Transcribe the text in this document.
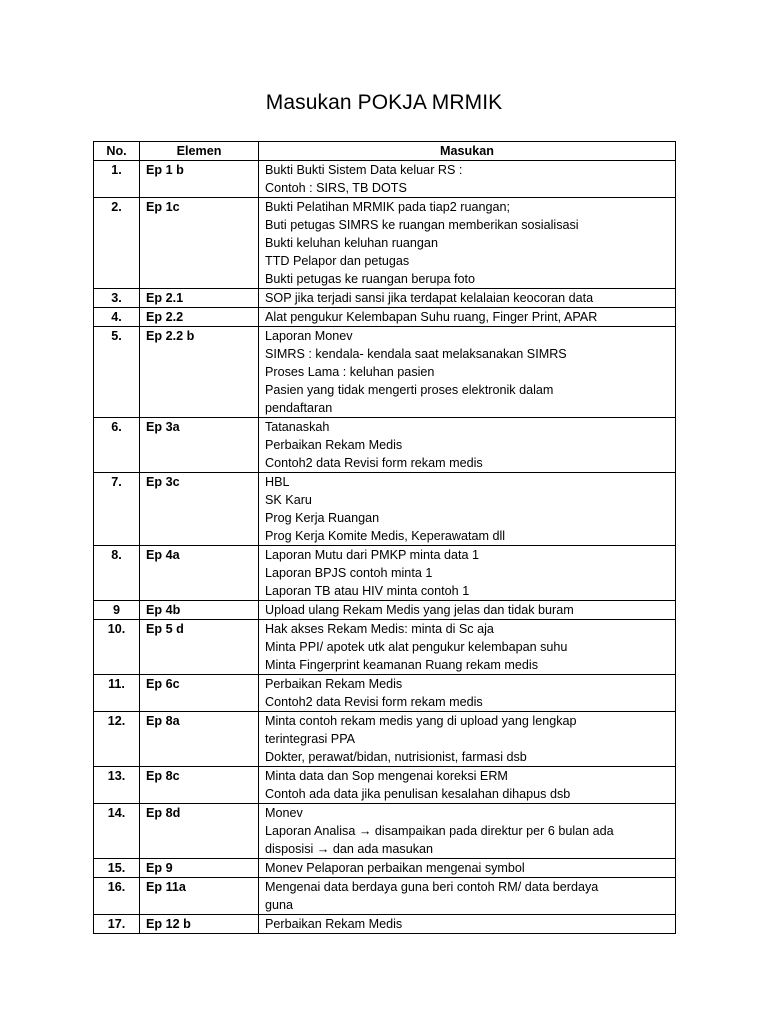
Masukan POKJA MRMIK
No.	Elemen	Masukan
1.	Ep 1 b	Bukti Bukti Sistem Data keluar RS :
Contoh : SIRS, TB DOTS

2.	Ep 1c	Bukti Pelatihan MRMIK pada tiap2 ruangan;
Buti petugas SIMRS ke ruangan memberikan sosialisasi
Bukti keluhan keluhan ruangan
TTD Pelapor dan petugas
Bukti petugas ke ruangan berupa foto

3.	Ep 2.1	SOP jika terjadi sansi jika terdapat kelalaian keocoran data

4.	Ep 2.2	Alat pengukur Kelembapan Suhu ruang, Finger Print, APAR

5.	Ep 2.2 b	Laporan Monev
SIMRS : kendala- kendala saat melaksanakan SIMRS
Proses Lama : keluhan pasien
Pasien yang tidak mengerti proses elektronik dalam
pendaftaran

6.	Ep 3a	Tatanaskah
Perbaikan Rekam Medis
Contoh2 data Revisi form rekam medis

7.	Ep 3c	HBL
SK Karu
Prog Kerja Ruangan
Prog Kerja Komite Medis, Keperawatam dll

8.	Ep 4a	Laporan Mutu dari PMKP minta data 1
Laporan BPJS contoh minta 1
Laporan TB atau HIV minta contoh 1

9	Ep 4b	Upload ulang Rekam Medis yang jelas dan tidak buram

10.	Ep 5 d	Hak akses Rekam Medis: minta di Sc aja
Minta PPI/ apotek utk alat pengukur kelembapan suhu
Minta Fingerprint keamanan Ruang rekam medis

11.	Ep 6c	Perbaikan Rekam Medis
Contoh2 data Revisi form rekam medis

12.	Ep 8a	Minta contoh rekam medis yang di upload yang lengkap
terintegrasi PPA
Dokter, perawat/bidan, nutrisionist, farmasi dsb

13.	Ep 8c	Minta data dan Sop mengenai koreksi ERM
Contoh ada data jika penulisan kesalahan dihapus dsb

14.	Ep 8d	Monev
Laporan Analisa → disampaikan pada direktur per 6 bulan ada
disposisi → dan ada masukan

15.	Ep 9	Monev Pelaporan perbaikan mengenai symbol

16.	Ep 11a	Mengenai data berdaya guna beri contoh RM/ data berdaya
guna

17.	Ep 12 b	Perbaikan Rekam Medis
